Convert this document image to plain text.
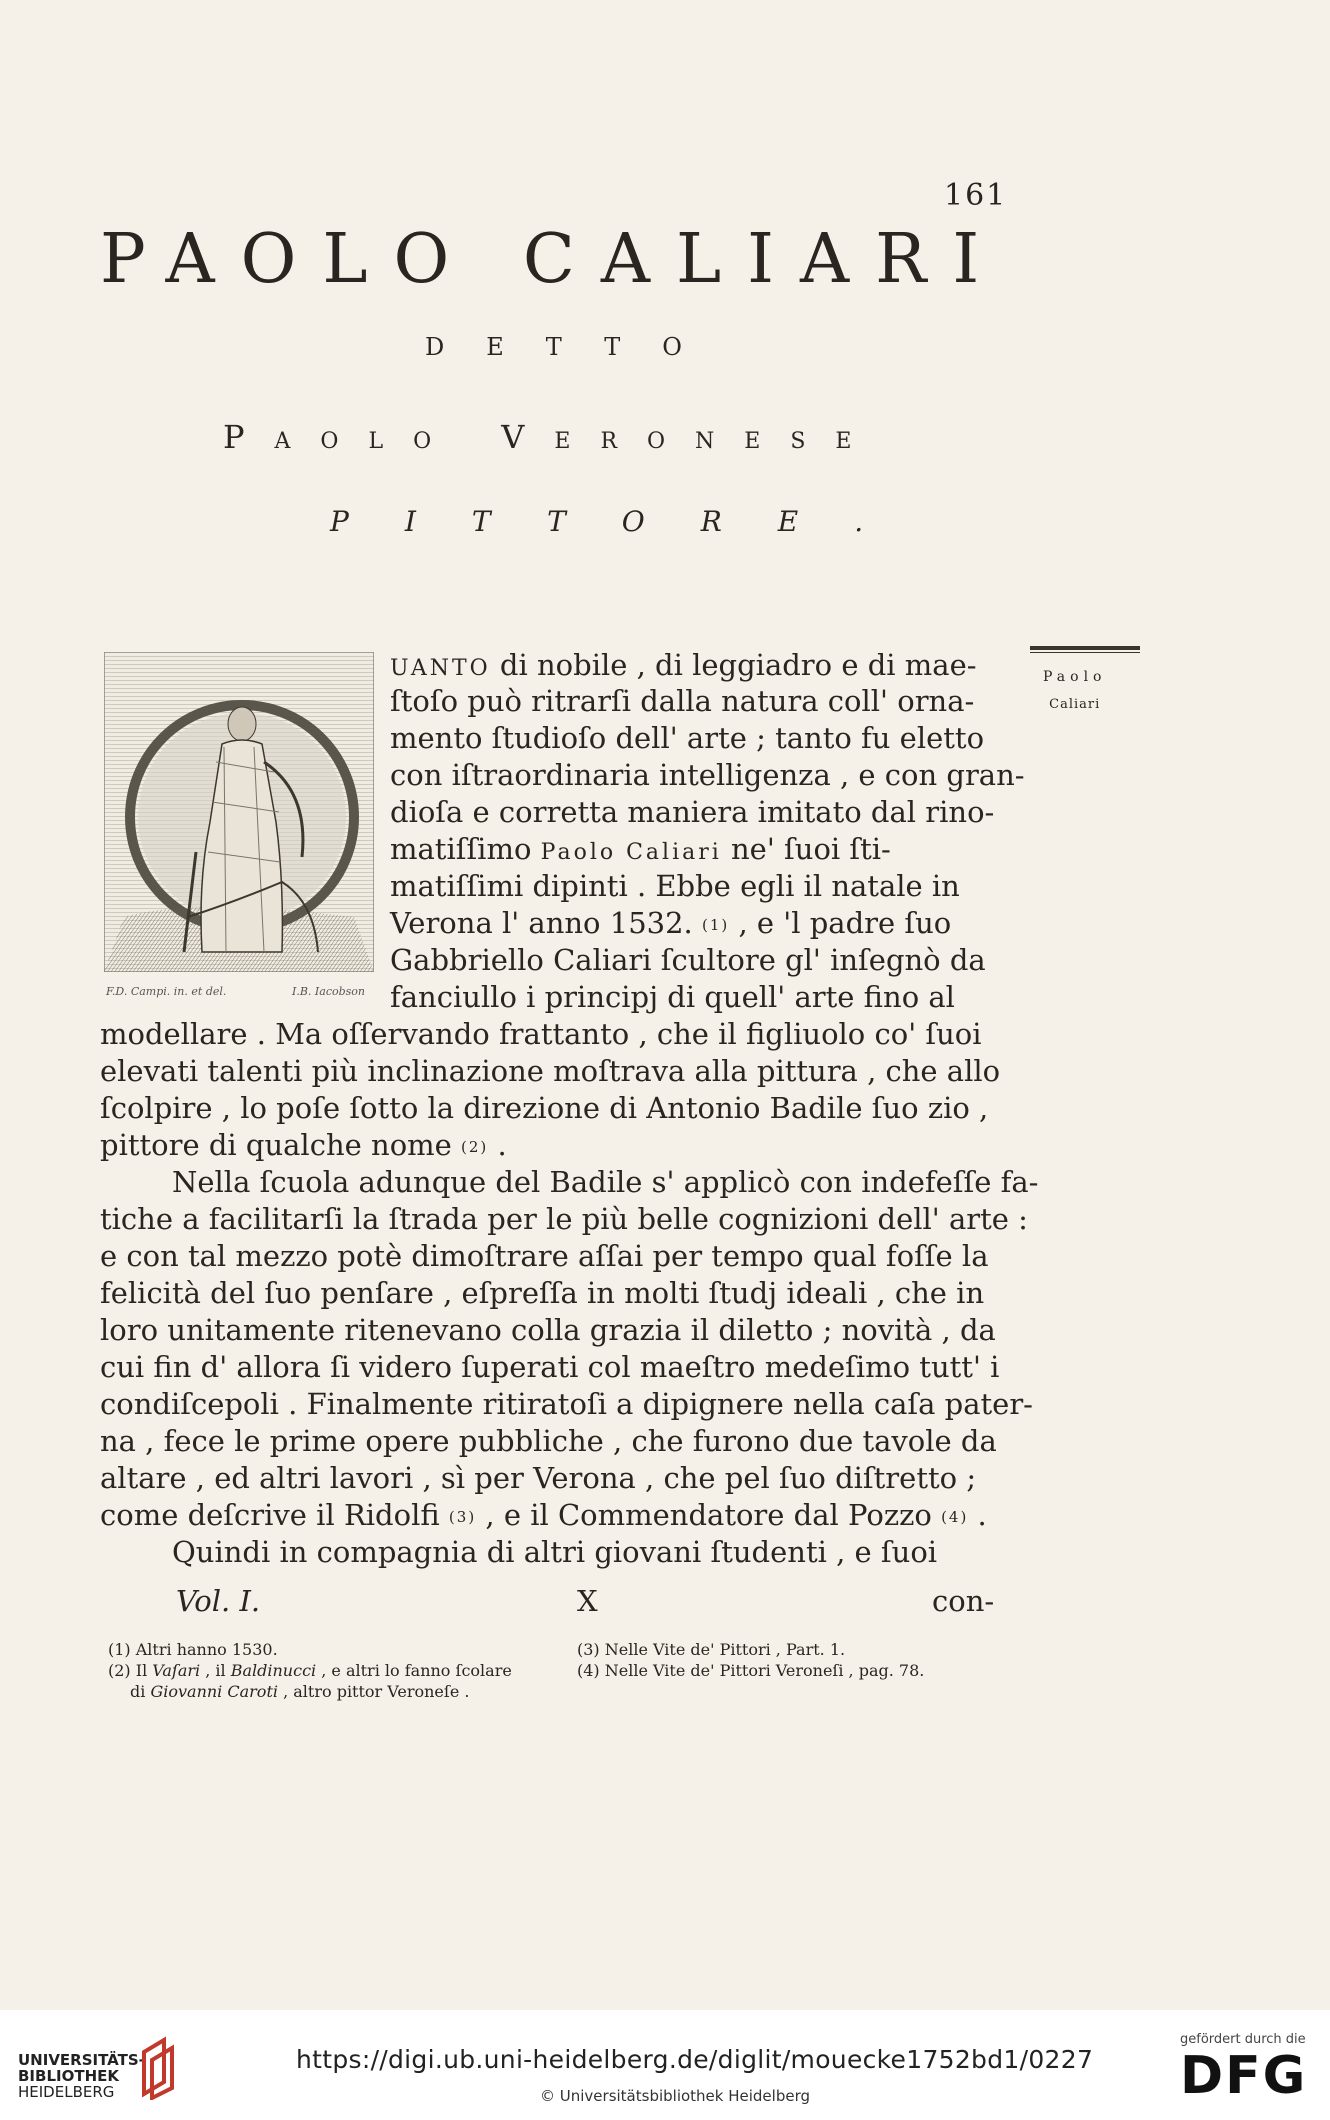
161
PAOLO CALIARI
DETTO
PAOLO VERONESE
PITTORE.
F.D. Campi. in. et del.	I.B. Iacobson
Paolo
Caliari
UANTO di nobile , di leggiadro e di mae-
ſtoſo può ritrarſi dalla natura coll' orna-
mento ſtudioſo dell' arte ; tanto fu eletto
con iſtraordinaria intelligenza , e con gran-
dioſa e corretta maniera imitato dal rino-
matiſſimo Paolo Caliari ne' ſuoi ſti-
matiſſimi dipinti . Ebbe egli il natale in
Verona l' anno 1532. (1) , e 'l padre ſuo
Gabbriello Caliari ſcultore gl' inſegnò da
fanciullo i principj di quell' arte fino al
modellare . Ma oſſervando frattanto , che il figliuolo co' ſuoi
elevati talenti più inclinazione moſtrava alla pittura , che allo
ſcolpire , lo poſe ſotto la direzione di Antonio Badile ſuo zio ,
pittore di qualche nome (2) .
Nella ſcuola adunque del Badile s' applicò con indefeſſe fa-
tiche a facilitarſi la ſtrada per le più belle cognizioni dell' arte :
e con tal mezzo potè dimoſtrare aſſai per tempo qual foſſe la
felicità del ſuo penſare , eſpreſſa in molti ſtudj ideali , che in
loro unitamente ritenevano colla grazia il diletto ; novità , da
cui fin d' allora ſi videro ſuperati col maeſtro medeſimo tutt' i
condiſcepoli . Finalmente ritiratoſi a dipignere nella caſa pater-
na , fece le prime opere pubbliche , che furono due tavole da
altare , ed altri lavori , sì per Verona , che pel ſuo diſtretto ;
come deſcrive il Ridolfi (3) , e il Commendatore dal Pozzo (4) .
Quindi in compagnia di altri giovani ſtudenti , e ſuoi
Vol. I.	X	con-
(1) Altri hanno 1530.
(2) Il Vaſari , il Baldinucci , e altri lo fanno ſcolare
di Giovanni Caroti , altro pittor Veroneſe .
(3) Nelle Vite de' Pittori , Part. 1.
(4) Nelle Vite de' Pittori Veroneſi , pag. 78.
UNIVERSITÄTS-
BIBLIOTHEK
HEIDELBERG
https://digi.ub.uni-heidelberg.de/diglit/mouecke1752bd1/0227
© Universitätsbibliothek Heidelberg
gefördert durch die
DFG
